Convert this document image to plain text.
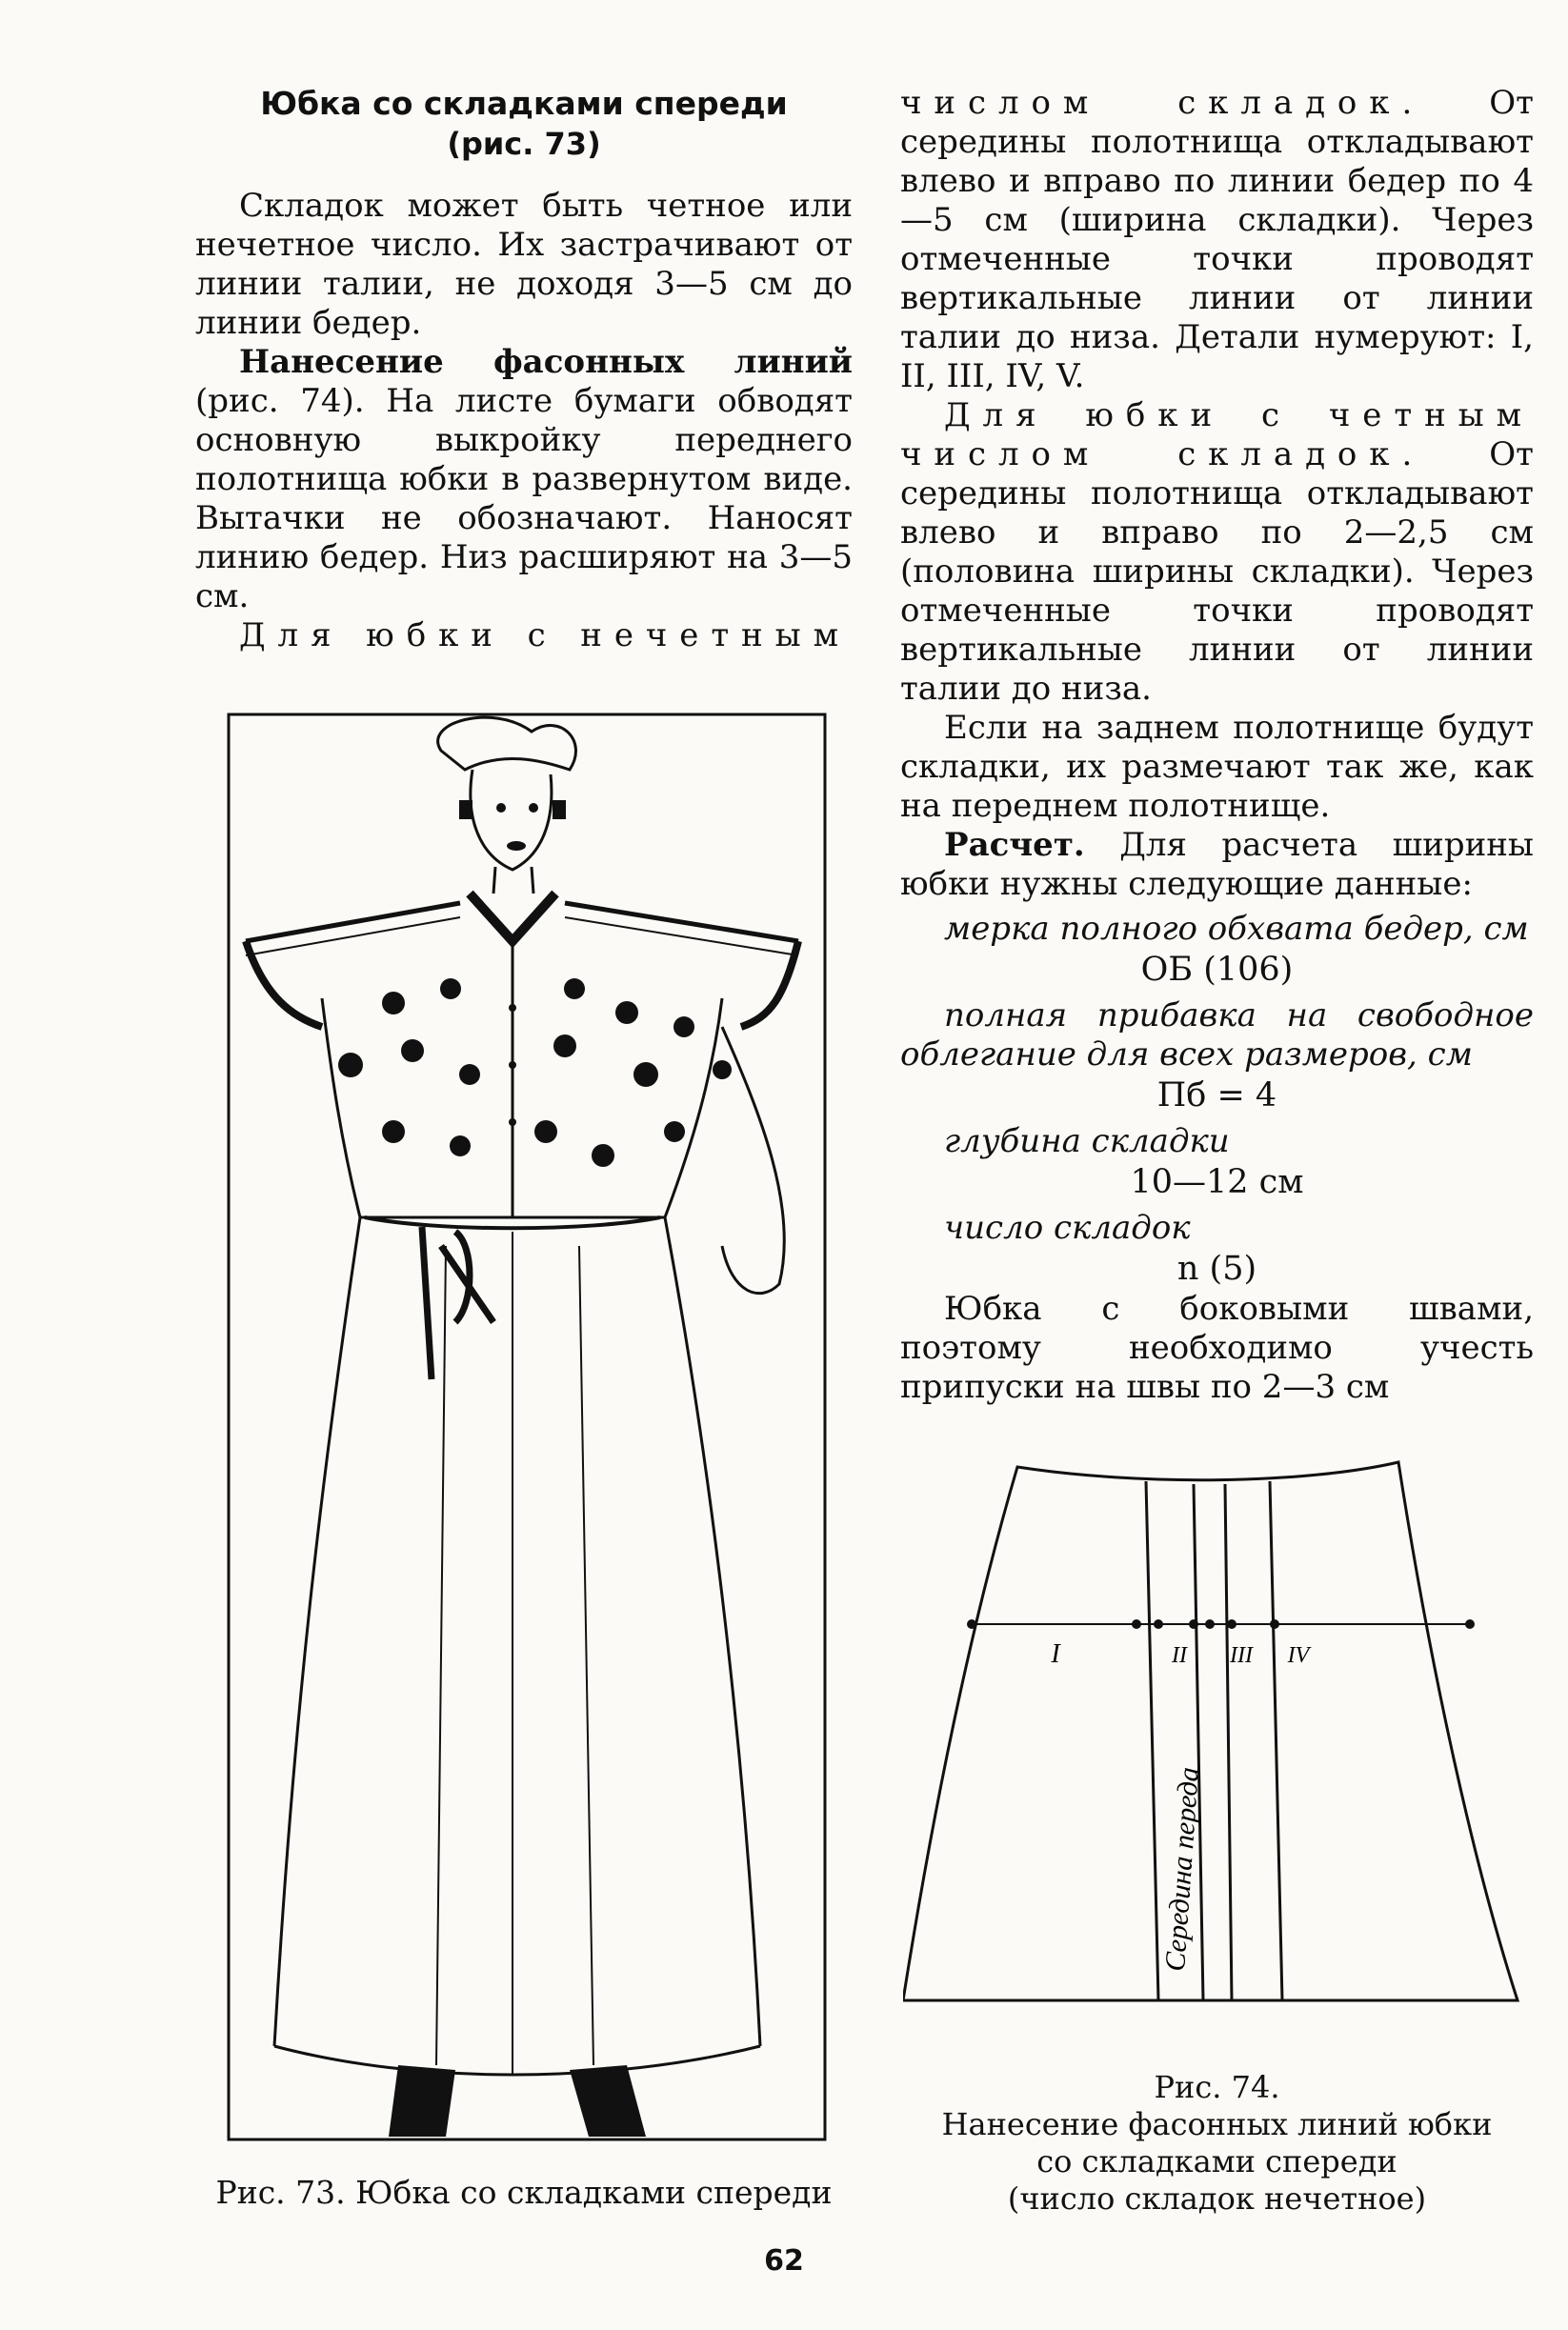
Юбка со складками спереди
(рис. 73)

Складок может быть четное или нечетное число. Их застрачивают от линии талии, не доходя 3—5 см до линии бедер.

Нанесение фасонных линий (рис. 74). На листе бумаги обводят основную выкройку переднего полотнища юбки в развернутом виде. Вытачки не обозначают. Наносят линию бедер. Низ расширяют на 3—5 см.

Для юбки с нечетным

Рис. 73. Юбка со складками спереди

числом складок. От середины полотнища откладывают влево и вправо по линии бедер по 4—5 см (ширина складки). Через отмеченные точки проводят вертикальные линии от линии талии до низа. Детали нумеруют: I, II, III, IV, V.

Для юбки с четным числом складок. От середины полотнища откладывают влево и вправо по 2—2,5 см (половина ширины складки). Через отмеченные точки проводят вертикальные линии от линии талии до низа.

Если на заднем полотнище будут складки, их размечают так же, как на переднем полотнище.

Расчет. Для расчета ширины юбки нужны следующие данные:

мерка полного обхвата бедер, см
ОБ (106)
полная прибавка на свободное облегание для всех размеров, см
Пб = 4
глубина складки
10—12 см
число складок
n (5)

Юбка с боковыми швами, поэтому необходимо учесть припуски на швы по 2—3 см

I	II III IV
Середина переда
Рис. 74.
Нанесение фасонных линий юбки
со складками спереди
(число складок нечетное)
62
